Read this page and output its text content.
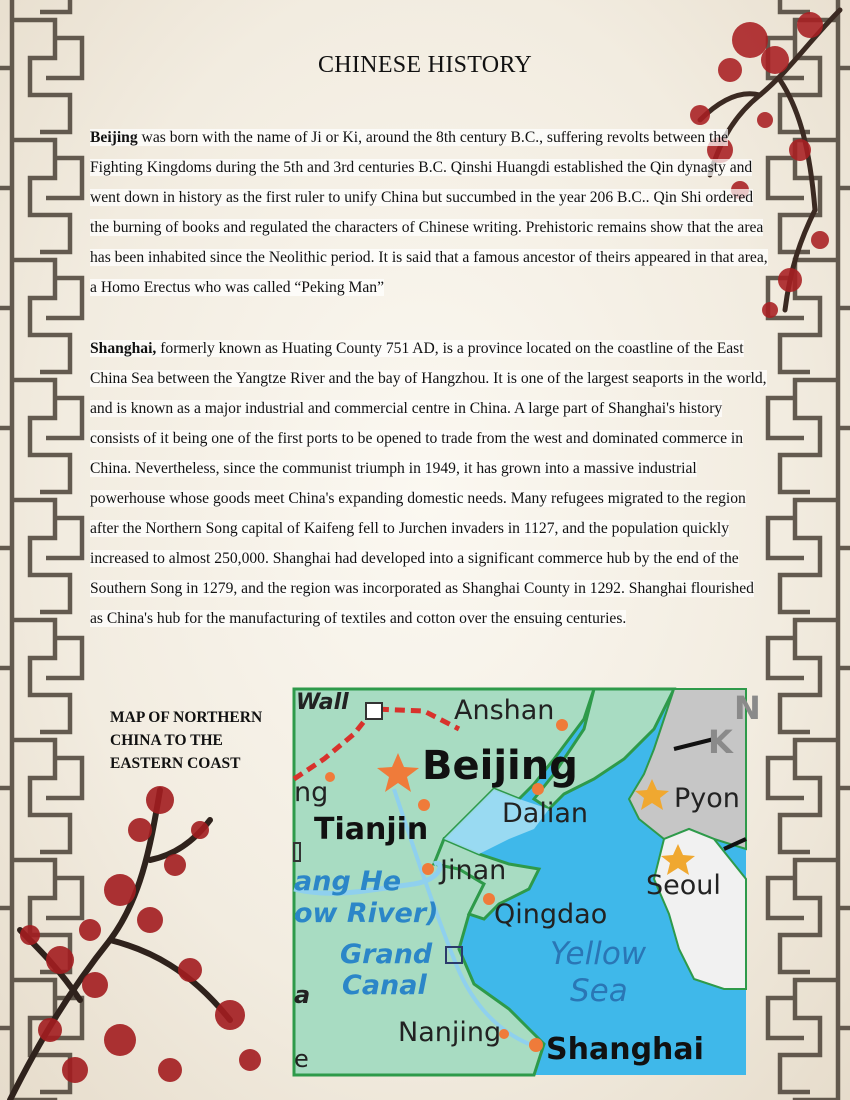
CHINESE HISTORY
Beijing was born with the name of Ji or Ki, around the 8th century B.C., suffering revolts between the Fighting Kingdoms during the 5th and 3rd centuries B.C. Qinshi Huangdi established the Qin dynasty and went down in history as the first ruler to unify China but succumbed in the year 206 B.C.. Qin Shi ordered the burning of books and regulated the characters of Chinese writing. Prehistoric remains show that the area has been inhabited since the Neolithic period. It is said that a famous ancestor of theirs appeared in that area, a Homo Erectus who was called “Peking Man”
Shanghai, formerly known as Huating County 751 AD, is a province located on the coastline of the East China Sea between the Yangtze River and the bay of Hangzhou. It is one of the largest seaports in the world, and is known as a major industrial and commercial centre in China. A large part of Shanghai's history consists of it being one of the first ports to be opened to trade from the west and dominated commerce in China. Nevertheless, since the communist triumph in 1949, it has grown into a massive industrial powerhouse whose goods meet China's expanding domestic needs. Many refugees migrated to the region after the Northern Song capital of Kaifeng fell to Jurchen invaders in 1127, and the population quickly increased to almost 250,000. Shanghai had developed into a significant commerce hub by the end of the Southern Song in 1279, and the region was incorporated as Shanghai County in 1292. Shanghai flourished as China's hub for the manufacturing of textiles and cotton over the ensuing centuries.
MAP OF NORTHERN CHINA TO THE EASTERN COAST
Wall	Anshan
Beijing
Pyon
Dalian
Tianjin
Seoul
Jinan
Qingdao
Yellow
Sea
ang He
ow River)
Grand
Canal
Nanjing Shanghai
K
N
ng
a
e
